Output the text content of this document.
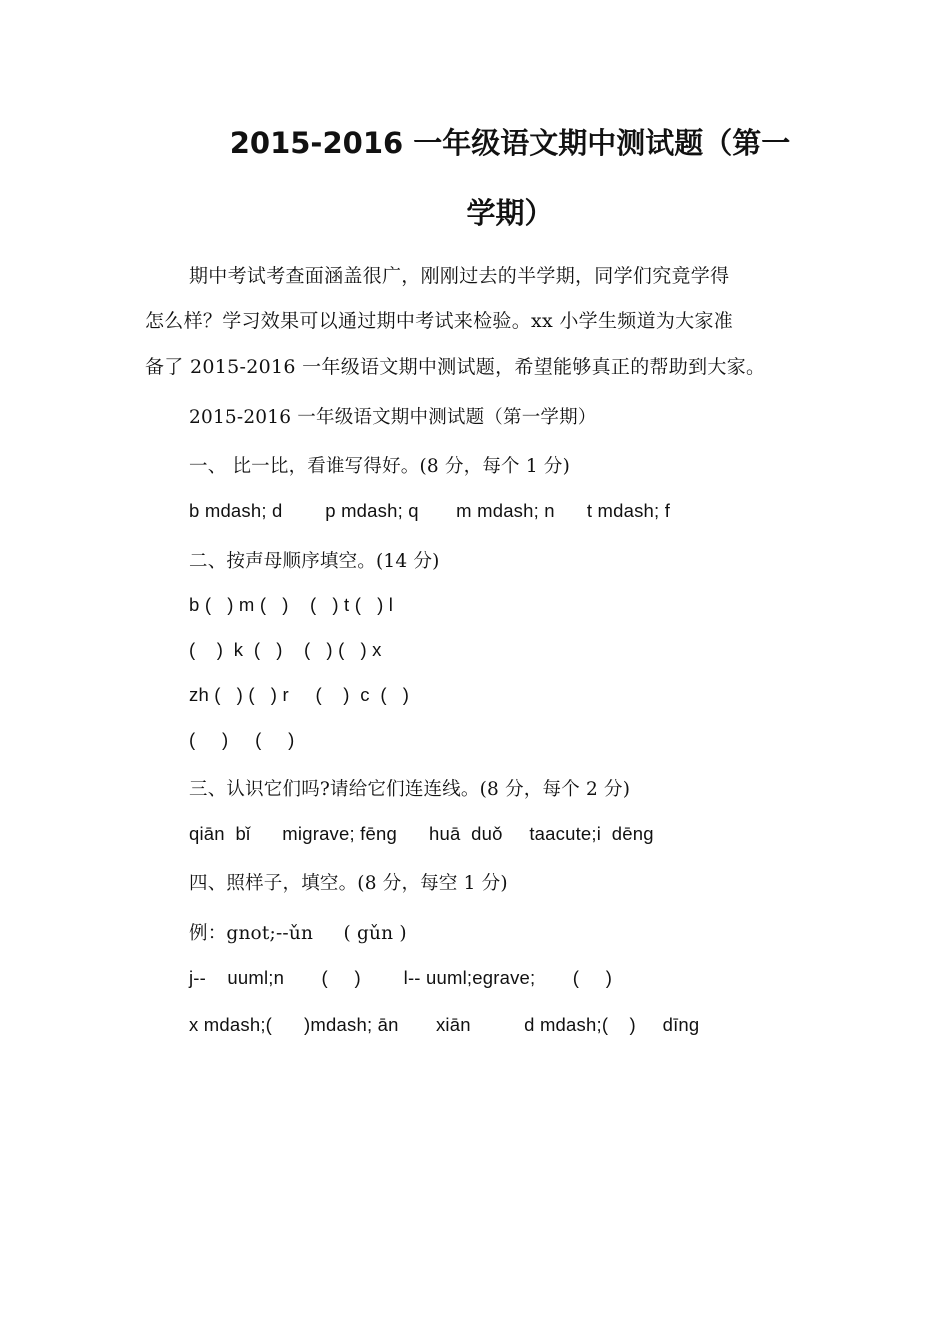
2015-2016 一年级语文期中测试题（第一
学期）
期中考试考查面涵盖很广，刚刚过去的半学期，同学们究竟学得
怎么样？学习效果可以通过期中考试来检验。xx 小学生频道为大家准
备了 2015-2016 一年级语文期中测试题，希望能够真正的帮助到大家。
2015-2016 一年级语文期中测试题（第一学期）
一、 比一比，看谁写得好。(8 分，每个 1 分)
b mdash; d        p mdash; q       m mdash; n      t mdash; f
二、按声母顺序填空。(14 分)
b (   ) m (   )    (   ) t (   ) l
(    )  k  (   )    (   ) (   ) x
zh (   ) (   ) r     (    )  c  (   )
(     )     (     )
三、认识它们吗?请给它们连连线。(8 分，每个 2 分)
qiān  bǐ      migrave; fēng      huā  duǒ     taacute;i  dēng
四、照样子，填空。(8 分，每空 1 分)
例：gnot;--ǔn     ( gǔn )
j--    uuml;n       (     )        l-- uuml;egrave;       (     )
x mdash;(      )mdash; ān       xiān          d mdash;(    )     dīng
